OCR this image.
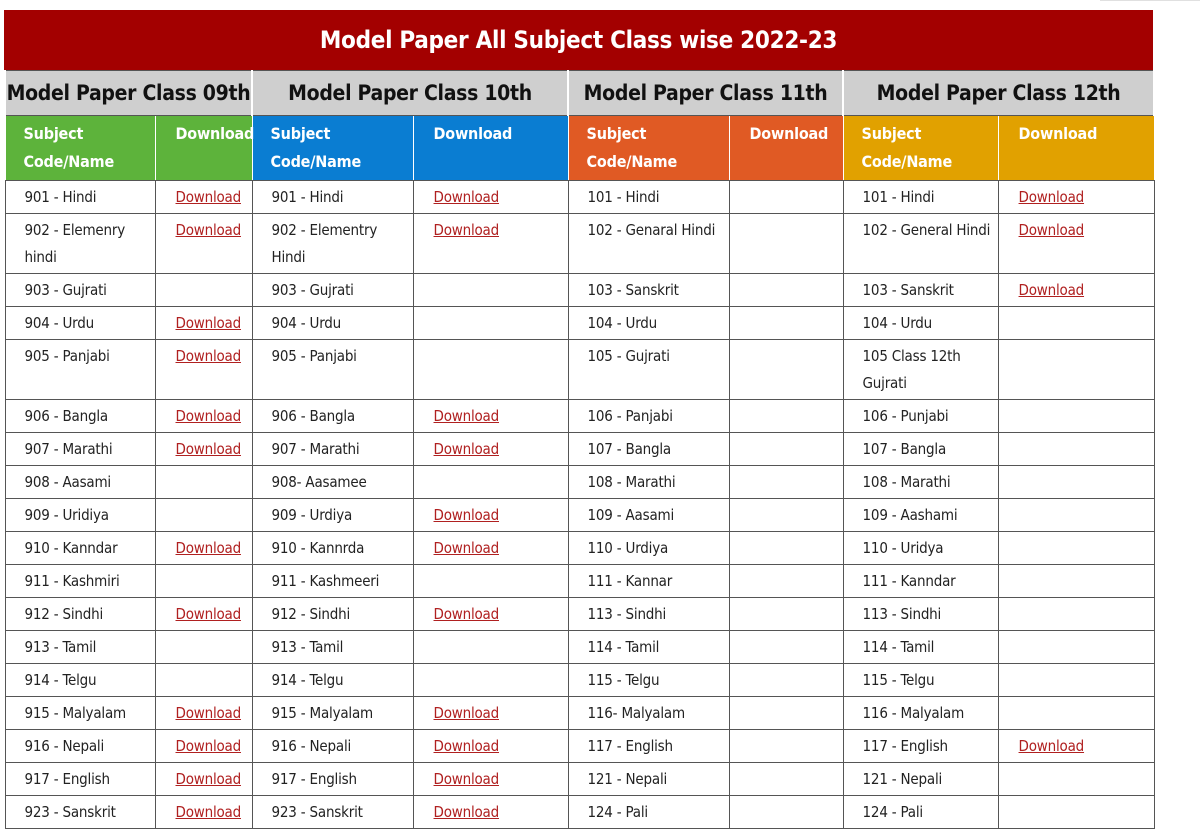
Model Paper All Subject Class wise 2022-23
Model Paper Class 09th		Model Paper Class 10th		Model Paper Class 11th		Model Paper Class 12th	
Subject Code/Name	Download	Subject Code/Name	Download	Subject Code/Name	Download	Subject Code/Name	Download
901 - Hindi	Download	901 - Hindi	Download	101 - Hindi		101 - Hindi	Download
902 - Elemenry hindi	Download	902 - Elementry Hindi	Download	102 - Genaral Hindi		102 - General Hindi	Download
903 - Gujrati		903 - Gujrati		103 - Sanskrit		103 - Sanskrit	Download
904 - Urdu	Download	904 - Urdu		104 - Urdu		104 - Urdu	
905 - Panjabi	Download	905 - Panjabi		105 - Gujrati		105 Class 12th Gujrati	
906 - Bangla	Download	906 - Bangla	Download	106 - Panjabi		106 - Punjabi	
907 - Marathi	Download	907 - Marathi	Download	107 - Bangla		107 - Bangla	
908 - Aasami		908- Aasamee		108 - Marathi		108 - Marathi	
909 - Uridiya		909 - Urdiya	Download	109 - Aasami		109 - Aashami	
910 - Kanndar	Download	910 - Kannrda	Download	110 - Urdiya		110 - Uridya	
911 - Kashmiri		911 - Kashmeeri		111 - Kannar		111 - Kanndar	
912 - Sindhi	Download	912 - Sindhi	Download	113 - Sindhi		113 - Sindhi	
913 - Tamil		913 - Tamil		114 - Tamil		114 - Tamil	
914 - Telgu		914 - Telgu		115 - Telgu		115 - Telgu	
915 - Malyalam	Download	915 - Malyalam	Download	116- Malyalam		116 - Malyalam	
916 - Nepali	Download	916 - Nepali	Download	117 - English		117 - English	Download
917 - English	Download	917 - English	Download	121 - Nepali		121 - Nepali	
923 - Sanskrit	Download	923 - Sanskrit	Download	124 - Pali		124 - Pali	
